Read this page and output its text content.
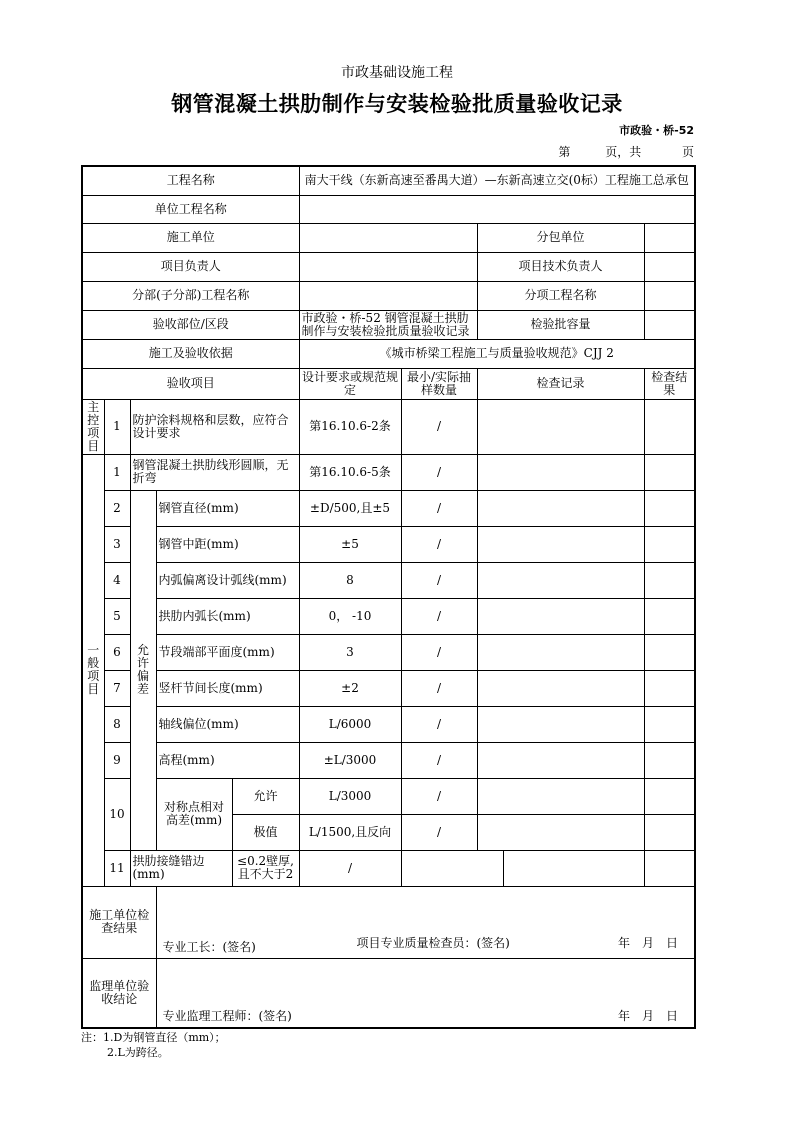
市政基础设施工程
钢管混凝土拱肋制作与安装检验批质量验收记录
市政验・桥-52
第	页，共	页
工程名称					南大干线（东新高速至番禺大道）—东新高速立交(0标）工程施工总承包				
单位工程名称									
施工单位							分包单位		
项目负责人							项目技术负责人		
分部(子分部)工程名称							分项工程名称		
验收部位/区段					市政验・桥-52 钢管混凝土拱肋制作与安装检验批质量验收记录		检验批容量		
施工及验收依据					《城市桥梁工程施工与质量验收规范》CJJ 2				
验收项目					设计要求或规范规定	最小/实际抽样数量	检查记录		检查结果
主控项目	1	防护涂料规格和层数，应符合设计要求			第16.10.6-2条	/			
一般项目	1	钢管混凝土拱肋线形圆顺，无折弯			第16.10.6-5条	/			
	2	允许偏差	钢管直径(mm)		±D/500,且±5	/			
	3		钢管中距(mm)		±5	/			
	4		内弧偏离设计弧线(mm)		8	/			
	5		拱肋内弧长(mm)		0， -10	/			
	6		节段端部平面度(mm)		3	/			
	7		竖杆节间长度(mm)		±2	/			
	8		轴线偏位(mm)		L/6000	/			
	9		高程(mm)		±L/3000	/			
	10		对称点相对高差(mm)	允许	L/3000	/			
				极值	L/1500,且反向	/			
	11	拱肋接缝错边(mm)		≤0.2壁厚,且不大于2	/				
施工单位检查结果			专业工长：(签名) 项目专业质量检查员：(签名) 年　月　日						

监理单位验收结论			专业监理工程师：(签名) 年　月　日						
注：1.D为钢管直径（mm）；
2.L为跨径。
